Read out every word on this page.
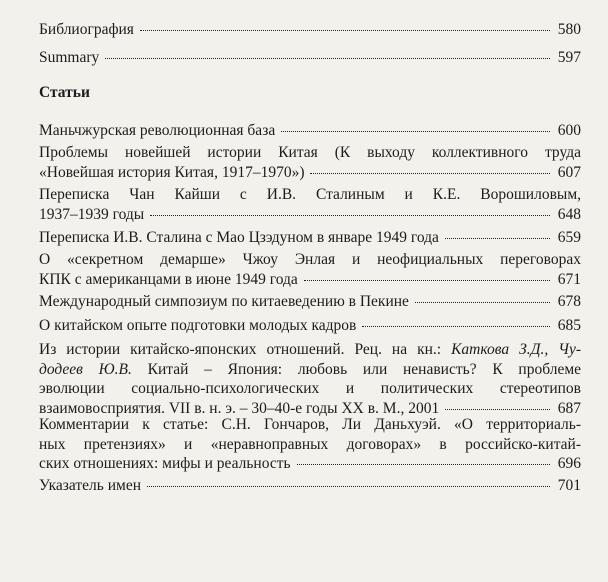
Библиография	580
Summary	597
Статьи
Маньчжурская революционная база	600
Проблемы новейшей истории Китая (К выходу коллективного труда
«Новейшая история Китая, 1917–1970»)	607
Переписка Чан Кайши с И.В. Сталиным и К.Е. Ворошиловым,
1937–1939 годы	648
Переписка И.В. Сталина с Мао Цзэдуном в январе 1949 года	659
О «секретном демарше» Чжоу Энлая и неофициальных переговорах
КПК с американцами в июне 1949 года	671
Международный симпозиум по китаеведению в Пекине	678
О китайском опыте подготовки молодых кадров	685
Из истории китайско-японских отношений. Рец. на кн.: Каткова З.Д., Чу-
додеев Ю.В. Китай – Япония: любовь или ненависть? К проблеме
эволюции социально-психологических и политических стереотипов
взаимовосприятия. VII в. н. э. – 30–40-е годы XX в. М., 2001	687
Комментарии к статье: С.Н. Гончаров, Ли Даньхуэй. «О территориаль-
ных претензиях» и «неравноправных договорах» в российско-китай-
ских отношениях: мифы и реальность	696
Указатель имен	701
